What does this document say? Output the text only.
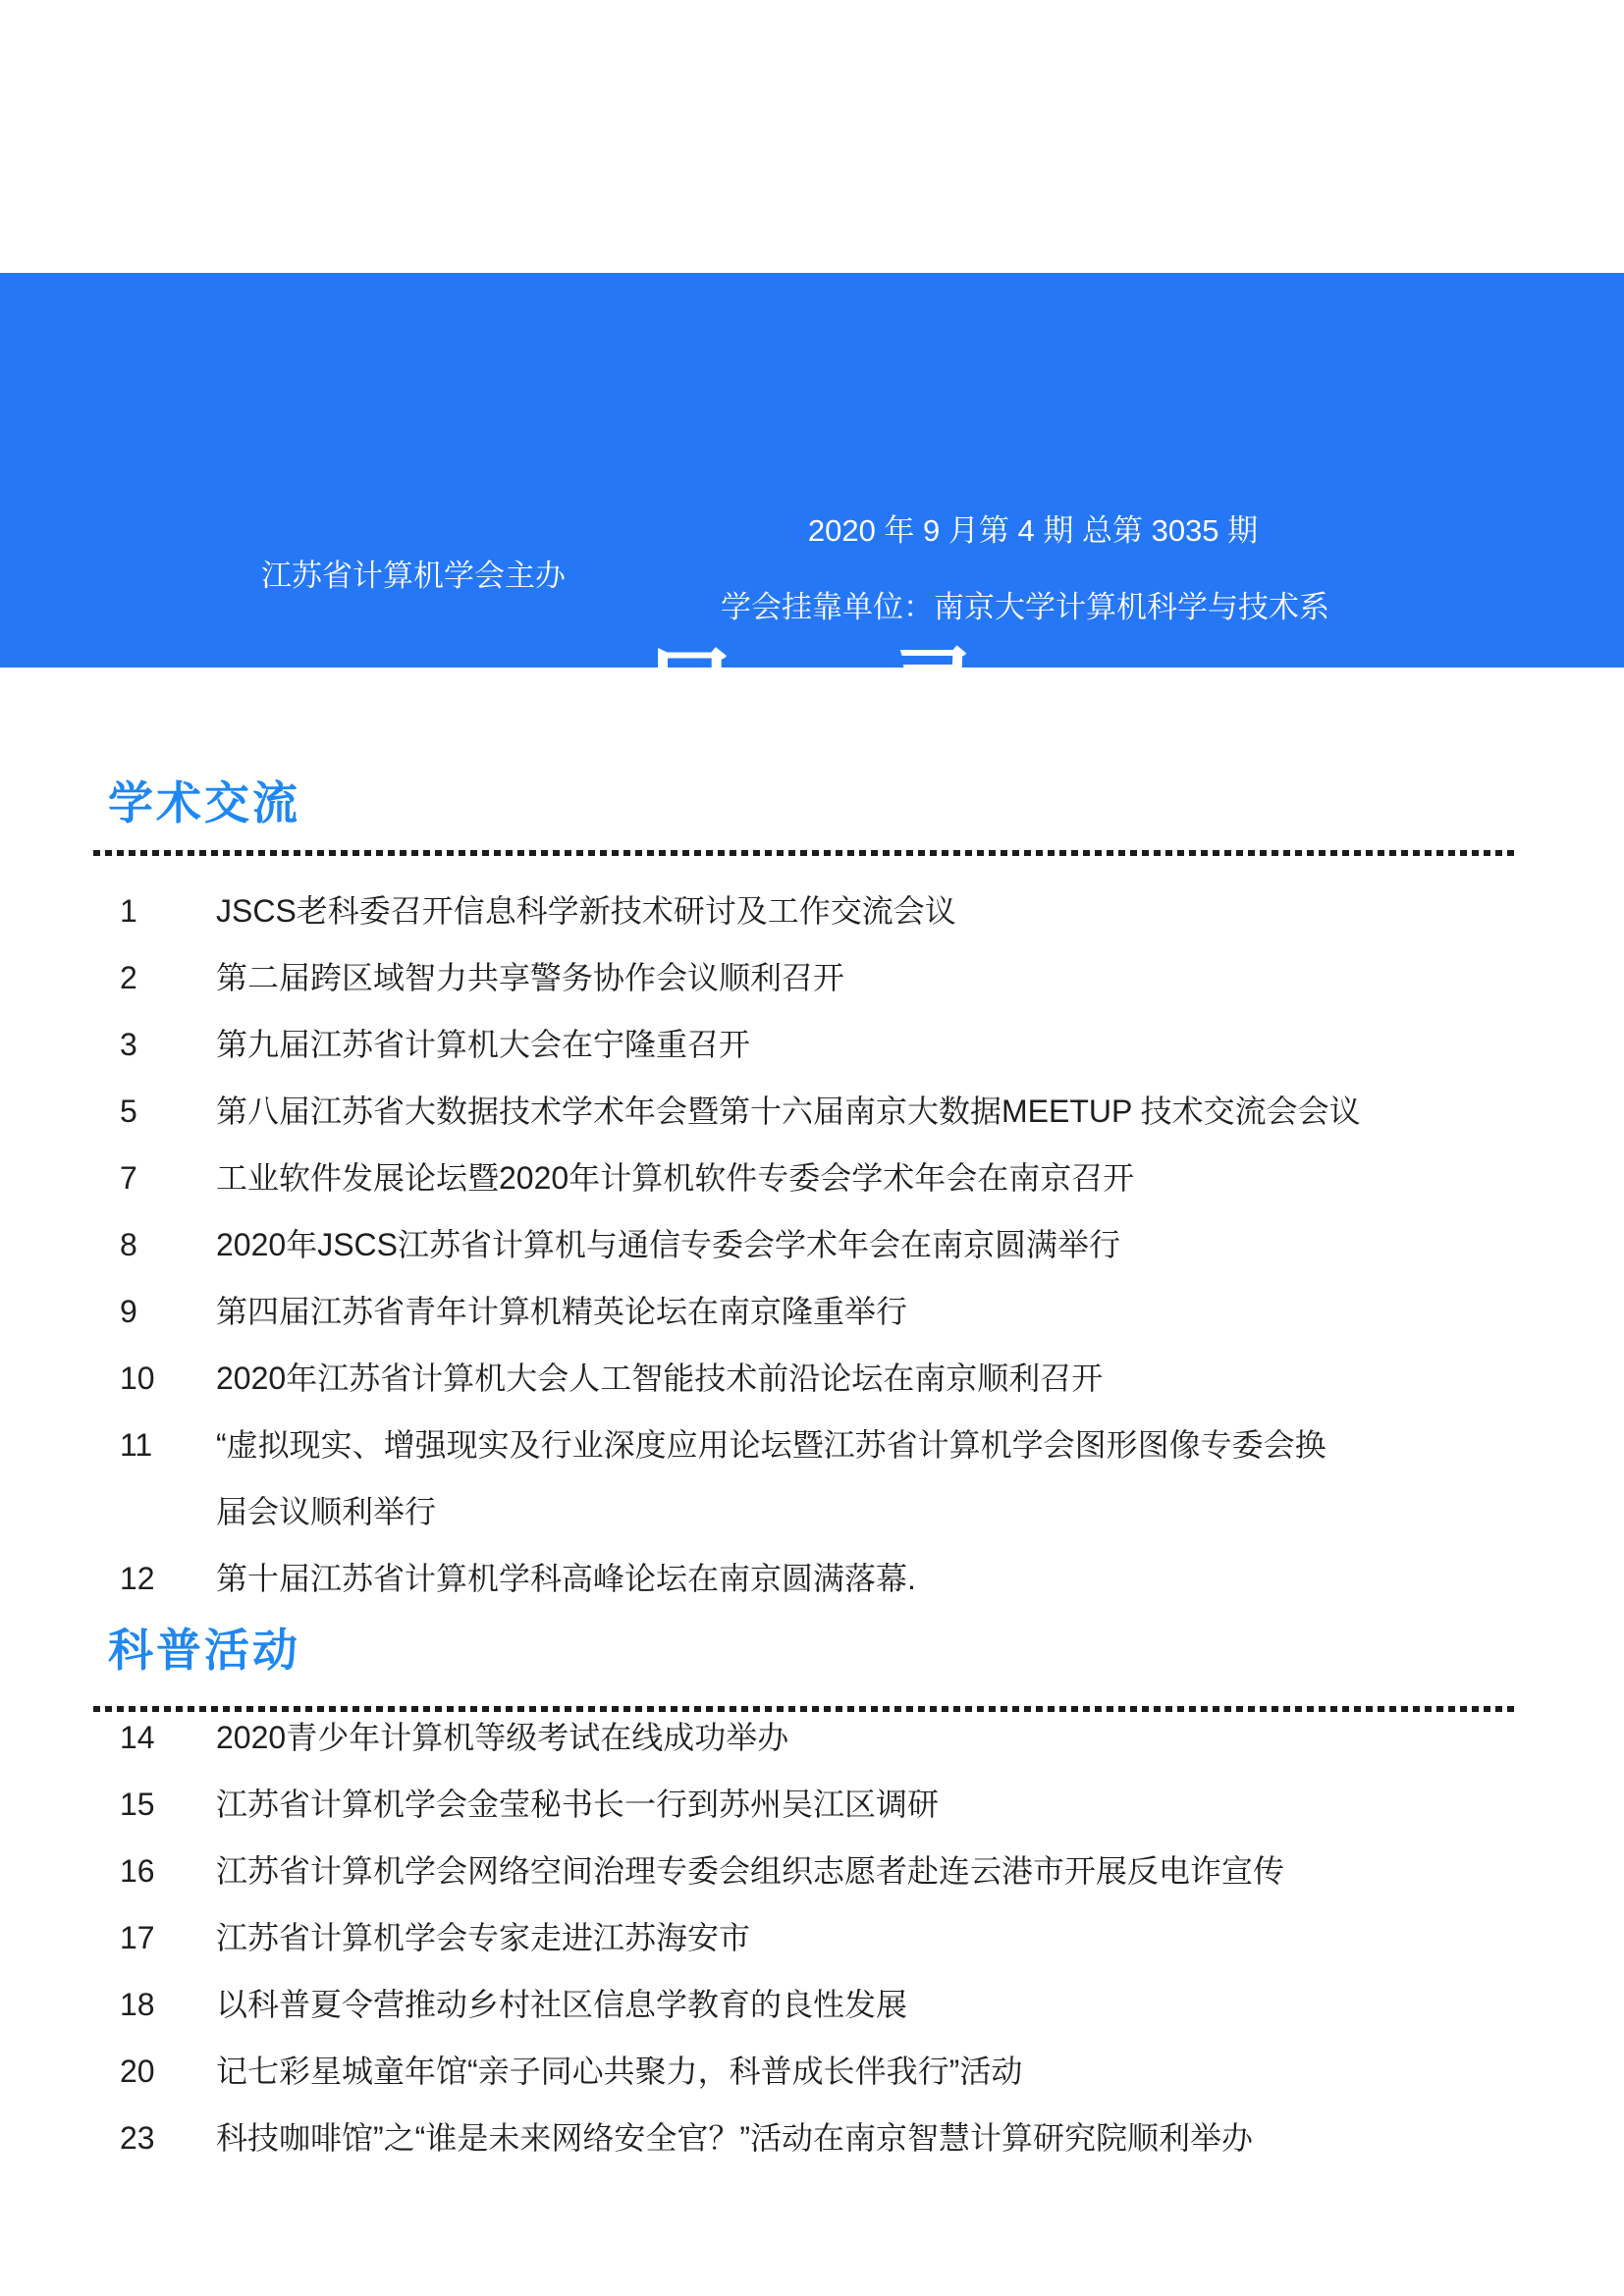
目 录
2020 年 9 月第 4 期 总第 3035 期
江苏省计算机学会主办
学会挂靠单位：南京大学计算机科学与技术系
学术交流
1	JSCS老科委召开信息科学新技术研讨及工作交流会议
2	第二届跨区域智力共享警务协作会议顺利召开
3	第九届江苏省计算机大会在宁隆重召开
5	第八届江苏省大数据技术学术年会暨第十六届南京大数据MEETUP 技术交流会会议
7	工业软件发展论坛暨2020年计算机软件专委会学术年会在南京召开
8	2020年JSCS江苏省计算机与通信专委会学术年会在南京圆满举行
9	第四届江苏省青年计算机精英论坛在南京隆重举行
10 2020年江苏省计算机大会人工智能技术前沿论坛在南京顺利召开
11 “虚拟现实、增强现实及行业深度应用论坛暨江苏省计算机学会图形图像专委会换
届会议顺利举行
12 第十届江苏省计算机学科高峰论坛在南京圆满落幕.
科普活动
14 2020青少年计算机等级考试在线成功举办
15 江苏省计算机学会金莹秘书长一行到苏州吴江区调研
16 江苏省计算机学会网络空间治理专委会组织志愿者赴连云港市开展反电诈宣传
17 江苏省计算机学会专家走进江苏海安市
18 以科普夏令营推动乡村社区信息学教育的良性发展
20 记七彩星城童年馆“亲子同心共聚力，科普成长伴我行”活动
23 科技咖啡馆”之“谁是未来网络安全官？”活动在南京智慧计算研究院顺利举办
